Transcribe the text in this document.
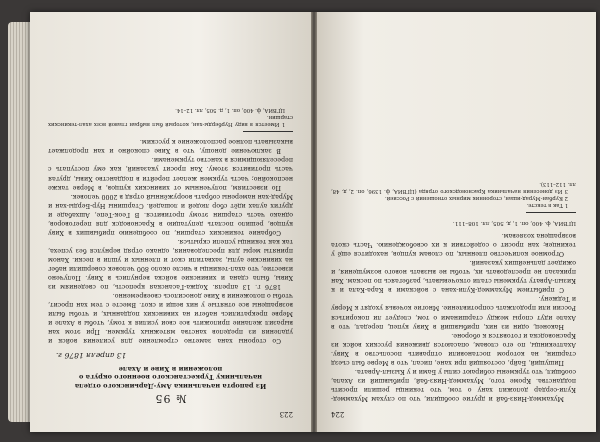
223
№ 95
Из рапорта начальника Аму-Дарьинского отдела начальнику Туркестанского военного округа о положении в Хиве и Ахале
13 апреля 1876 г.

Со стороны хана заметно стремление для усиления войск и удаления из пределов ханства мятежных туркмен. При этом хан выразил желание приложить все свои усилия к тому, чтобы в Ахале и Мерве прекратились набеги на хивинских подданных, и чтобы были возвращены все отнятые у них вещи и скот. Вместе с тем хан просит, чтобы о положении в Хиве доносилось своевременно.

1876 г. 13 апреля. Ходжа-Гасанская крепость, по сведениям из Хивы, была сдана и хивинские войска вернулись в Хиву. Получено известие, что ахал-текинцы в числе около 800 человек совершили набег на хивинские аулы, захватили скот и пленных и ушли в пески. Ханом приняты меры для преследования, однако отряд вернулся без успеха, так как текинцы успели скрыться.

Собрание текинских старшин, по сообщению прибывших в Хиву купцов, решило послать депутацию в Красноводск для переговоров, однако часть старшин этому противится. В Геок-Тепе, Ашхабаде и других аулах идёт сбор людей и лошадей. Старшины Нур-Берды-хан и Мурад-хан намерены собрать вооружённый отряд в 2000 человек.

По известиям, полученным от хивинских купцов, в Мерве также неспокойно; часть туркмен желает перейти в подданство Хивы, другая часть противится этому. Хан просит указаний, как ему поступать с переселяющимися в ханство туркменами.

В заключение доношу, что в Хиве спокойно и хан продолжает выказывать полное расположение к русским.

1 Имеется в виду Нурберды-хан, который был выбран главой всех ахал-текинских старшин.

ЦГВИА, ф. 400, оп. 1, д. 505, лл. 12–14.

224

Мухаммед-Нияз-бай и другие сообщили, что по слухам Мухаммед-Кули-сердар доложил хану о том, что текинцы решили просить подданства. Кроме того, Мухаммед-Нияз-бай, прибывший из Ахала, сообщил, что туркмены собирают силы у Бами и у Кызыл-Арвата.

Пишущий, Байр, состоящий при хане, писал, что в Мерве был съезд старшин, на котором постановили отправить посольство в Хиву. Ахалтекинцы, по его словам, опасаются движения русских войск из Красноводска и готовятся к обороне.

Наконец, один из них, прибывший в Хиву купец, передал, что в Ахале идут споры между старшинами о том, следует ли покориться России или продолжать сопротивление. Многие кочевья уходят к Мерву и Теджену.

С прибытием Мухаммед-Кули-хана с войсками в Кара-Кала и к Кизыл-Арвату туркмены стали откочевывать, разбегаясь по пескам. Хан приказал не преследовать их, чтобы не вызвать нового возмущения, и ожидает дальнейших указаний.

Огромное количество пленных, по словам купцов, находится ещё у текинцев; хан просит о содействии к их освобождению. Часть скота возвращена хозяевам.

ЦГВИА, ф. 400, оп. 1, д. 505, лл. 108–111.

1 Так в тексте.

2 Курбан-Мурад-ишан, сторонник мирных отношений с Россией.

3 Из донесения начальника Красноводского отряда (ЦГВИА, ф. 1396, оп. 2, д. 48, лл. 112–113).
